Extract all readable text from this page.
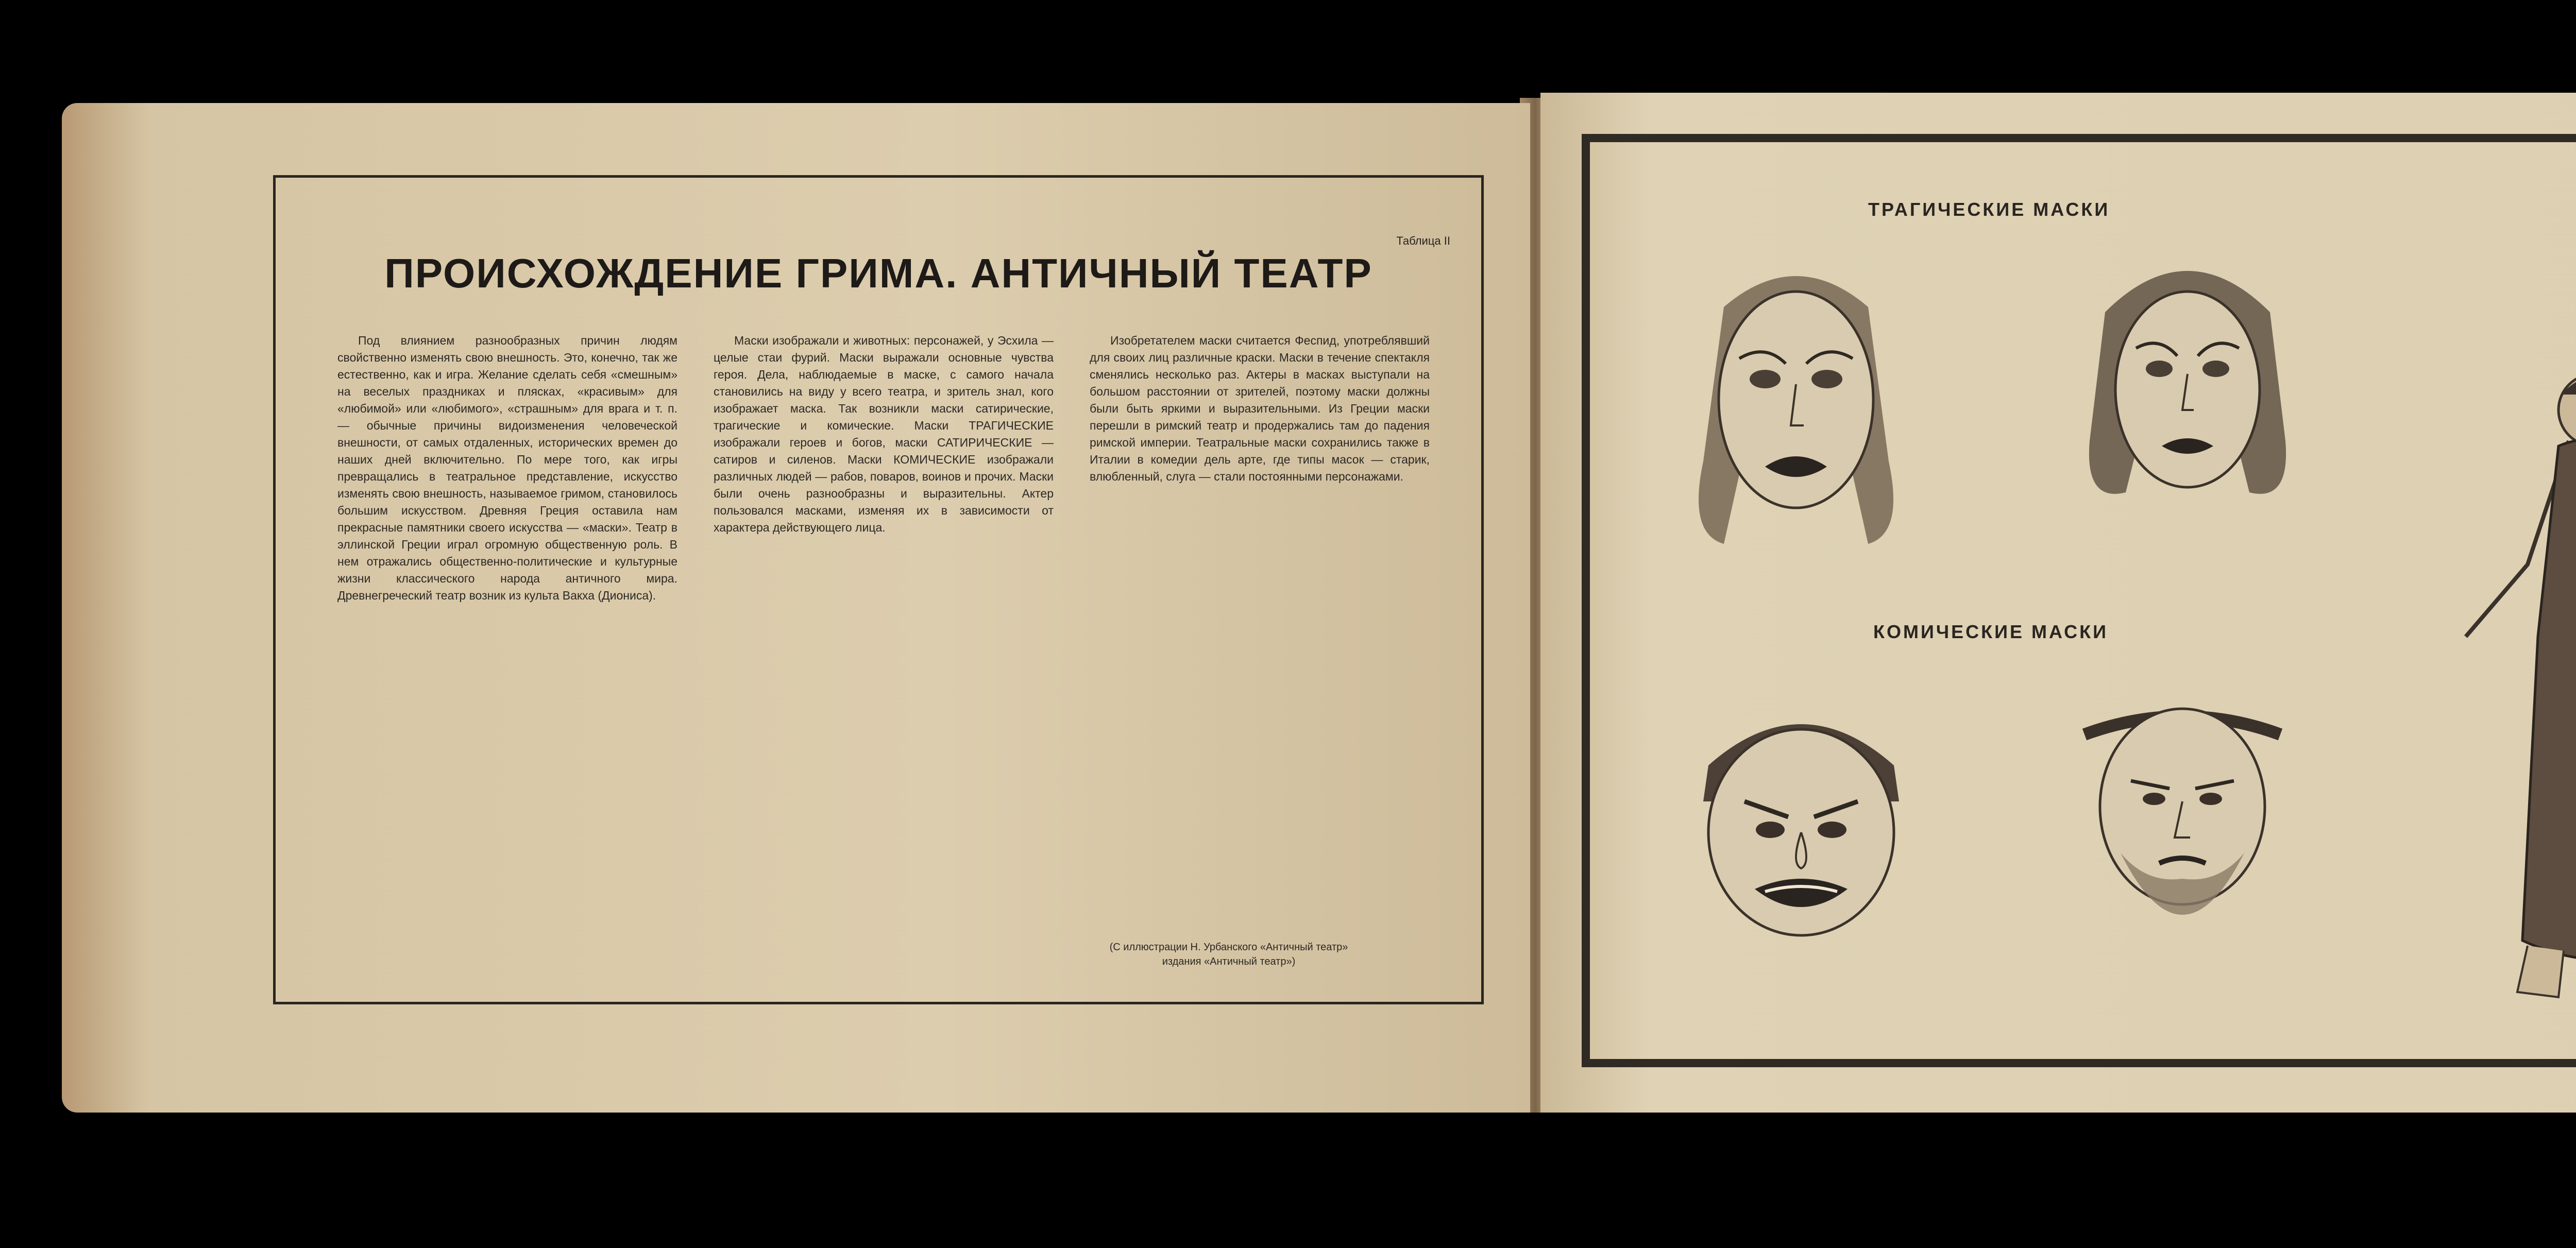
Таблица II
ПРОИСХОЖДЕНИЕ ГРИМА. АНТИЧНЫЙ ТЕАТР

Под влиянием разнообразных причин людям свойственно изменять свою внешность. Это, конечно, так же естественно, как и игра. Желание сделать себя «смешным» на веселых праздниках и плясках, «красивым» для «любимой» или «любимого», «страшным» для врага и т. п. — обычные причины видоизменения человеческой внешности, от самых отдаленных, исторических времен до наших дней включительно. По мере того, как игры превращались в театральное представление, искусство изменять свою внешность, называемое гримом, становилось большим искусством. Древняя Греция оставила нам прекрасные памятники своего искусства — «маски». Театр в эллинской Греции играл огромную общественную роль. В нем отражались общественно-политические и культурные жизни классического народа античного мира. Древнегреческий театр возник из культа Вакха (Диониса).

Маски изображали и животных: персонажей, у Эсхила — целые стаи фурий. Маски выражали основные чувства героя. Дела, наблюдаемые в маске, с самого начала становились на виду у всего театра, и зритель знал, кого изображает маска. Так возникли маски сатирические, трагические и комические. Маски ТРАГИЧЕСКИЕ изображали героев и богов, маски САТИРИЧЕСКИЕ — сатиров и силенов. Маски КОМИЧЕСКИЕ изображали различных людей — рабов, поваров, воинов и прочих. Маски были очень разнообразны и выразительны. Актер пользовался масками, изменяя их в зависимости от характера действующего лица.

Изобретателем маски считается Феспид, употреблявший для своих лиц различные краски. Маски в течение спектакля сменялись несколько раз. Актеры в масках выступали на большом расстоянии от зрителей, поэтому маски должны были быть яркими и выразительными. Из Греции маски перешли в римский театр и продержались там до падения римской империи. Театральные маски сохранились также в Италии в комедии дель арте, где типы масок — старик, влюбленный, слуга — стали постоянными персонажами.

(С иллюстрации Н. Урбанского «Античный театр» издания «Античный театр»)
ТРАГИЧЕСКИЕ МАСКИ
КОМИЧЕСКИЕ МАСКИ
